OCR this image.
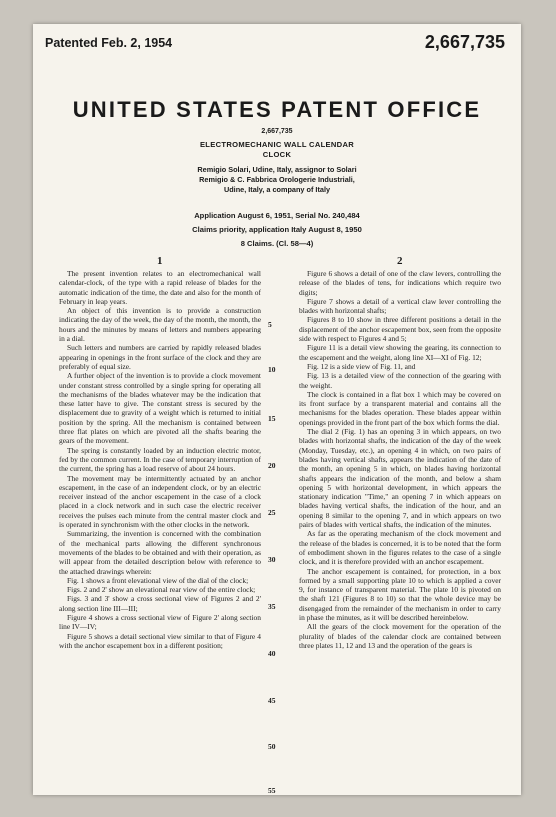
Patented Feb. 2, 1954	2,667,735
UNITED STATES PATENT OFFICE
2,667,735
ELECTROMECHANIC WALL CALENDAR
CLOCK
Remigio Solari, Udine, Italy, assignor to Solari
Remigio & C. Fabbrica Orologerie Industriali,
Udine, Italy, a company of Italy
Application August 6, 1951, Serial No. 240,484
Claims priority, application Italy August 8, 1950
8 Claims. (Cl. 58—4)
1	2

The present invention relates to an electromechanical wall calendar-clock, of the type with a rapid release of blades for the automatic indication of the time, the date and also for the month of February in leap years.

An object of this invention is to provide a construction indicating the day of the week, the day of the month, the month, the hours and the minutes by means of letters and numbers appearing in a dial.

Such letters and numbers are carried by rapidly released blades appearing in openings in the front surface of the clock and they are preferably of equal size.

A further object of the invention is to provide a clock movement under constant stress controlled by a single spring for operating all the mechanisms of the blades whatever may be the indication that these latter have to give. The constant stress is secured by the displacement due to gravity of a weight which is returned to initial position by the spring. All the mechanism is contained between three flat plates on which are pivoted all the shafts bearing the gears of the movement.

The spring is constantly loaded by an induction electric motor, fed by the common current. In the case of temporary interruption of the current, the spring has a load reserve of about 24 hours.

The movement may be intermittently actuated by an anchor escapement, in the case of an independent clock, or by an electric receiver instead of the anchor escapement in the case of a clock placed in a clock network and in such case the electric receiver receives the pulses each minute from the central master clock and is operated in synchronism with the other clocks in the network.

Summarizing, the invention is concerned with the combination of the mechanical parts allowing the different synchronous movements of the blades to be obtained and with their operation, as will appear from the detailed description below with reference to the attached drawings wherein:

Fig. 1 shows a front elevational view of the dial of the clock;

Figs. 2 and 2' show an elevational rear view of the entire clock;

Figs. 3 and 3' show a cross sectional view of Figures 2 and 2' along section line III—III;

Figure 4 shows a cross sectional view of Figure 2' along section line IV—IV;

Figure 5 shows a detail sectional view similar to that of Figure 4 with the anchor escapement box in a different position;

Figure 6 shows a detail of one of the claw levers, controlling the release of the blades of tens, for indications which require two digits;

Figure 7 shows a detail of a vertical claw lever controlling the blades with horizontal shafts;

Figures 8 to 10 show in three different positions a detail in the displacement of the anchor escapement box, seen from the opposite side with respect to Figures 4 and 5;

Figure 11 is a detail view showing the gearing, its connection to the escapement and the weight, along line XI—XI of Fig. 12;

Fig. 12 is a side view of Fig. 11, and

Fig. 13 is a detailed view of the connection of the gearing with the weight.

The clock is contained in a flat box 1 which may be covered on its front surface by a transparent material and contains all the mechanisms for the blades operation. These blades appear within openings provided in the front part of the box which forms the dial.

The dial 2 (Fig. 1) has an opening 3 in which appears, on two blades with horizontal shafts, the indication of the day of the week (Monday, Tuesday, etc.), an opening 4 in which, on two pairs of blades having vertical shafts, appears the indication of the date of the month, an opening 5 in which, on blades having horizontal shafts appears the indication of the month, and below a sham opening 5 with horizontal development, in which appears the stationary indication "Time," an opening 7 in which appears on blades having vertical shafts, the indication of the hour, and an opening 8 similar to the opening 7, and in which appears on two pairs of blades with vertical shafts, the indication of the minutes.

As far as the operating mechanism of the clock movement and the release of the blades is concerned, it is to be noted that the form of embodiment shown in the figures relates to the case of a single clock, and it is therefore provided with an anchor escapement.

The anchor escapement is contained, for protection, in a box formed by a small supporting plate 10 to which is applied a cover 9, for instance of transparent material. The plate 10 is pivoted on the shaft 121 (Figures 8 to 10) so that the whole device may be disengaged from the remainder of the mechanism in order to carry in phase the minutes, as it will be described hereinbelow.

All the gears of the clock movement for the operation of the plurality of blades of the calendar clock are contained between three plates 11, 12 and 13 and the operation of the gears is

5
10
15
20
25
30
35
40
45
50
55
